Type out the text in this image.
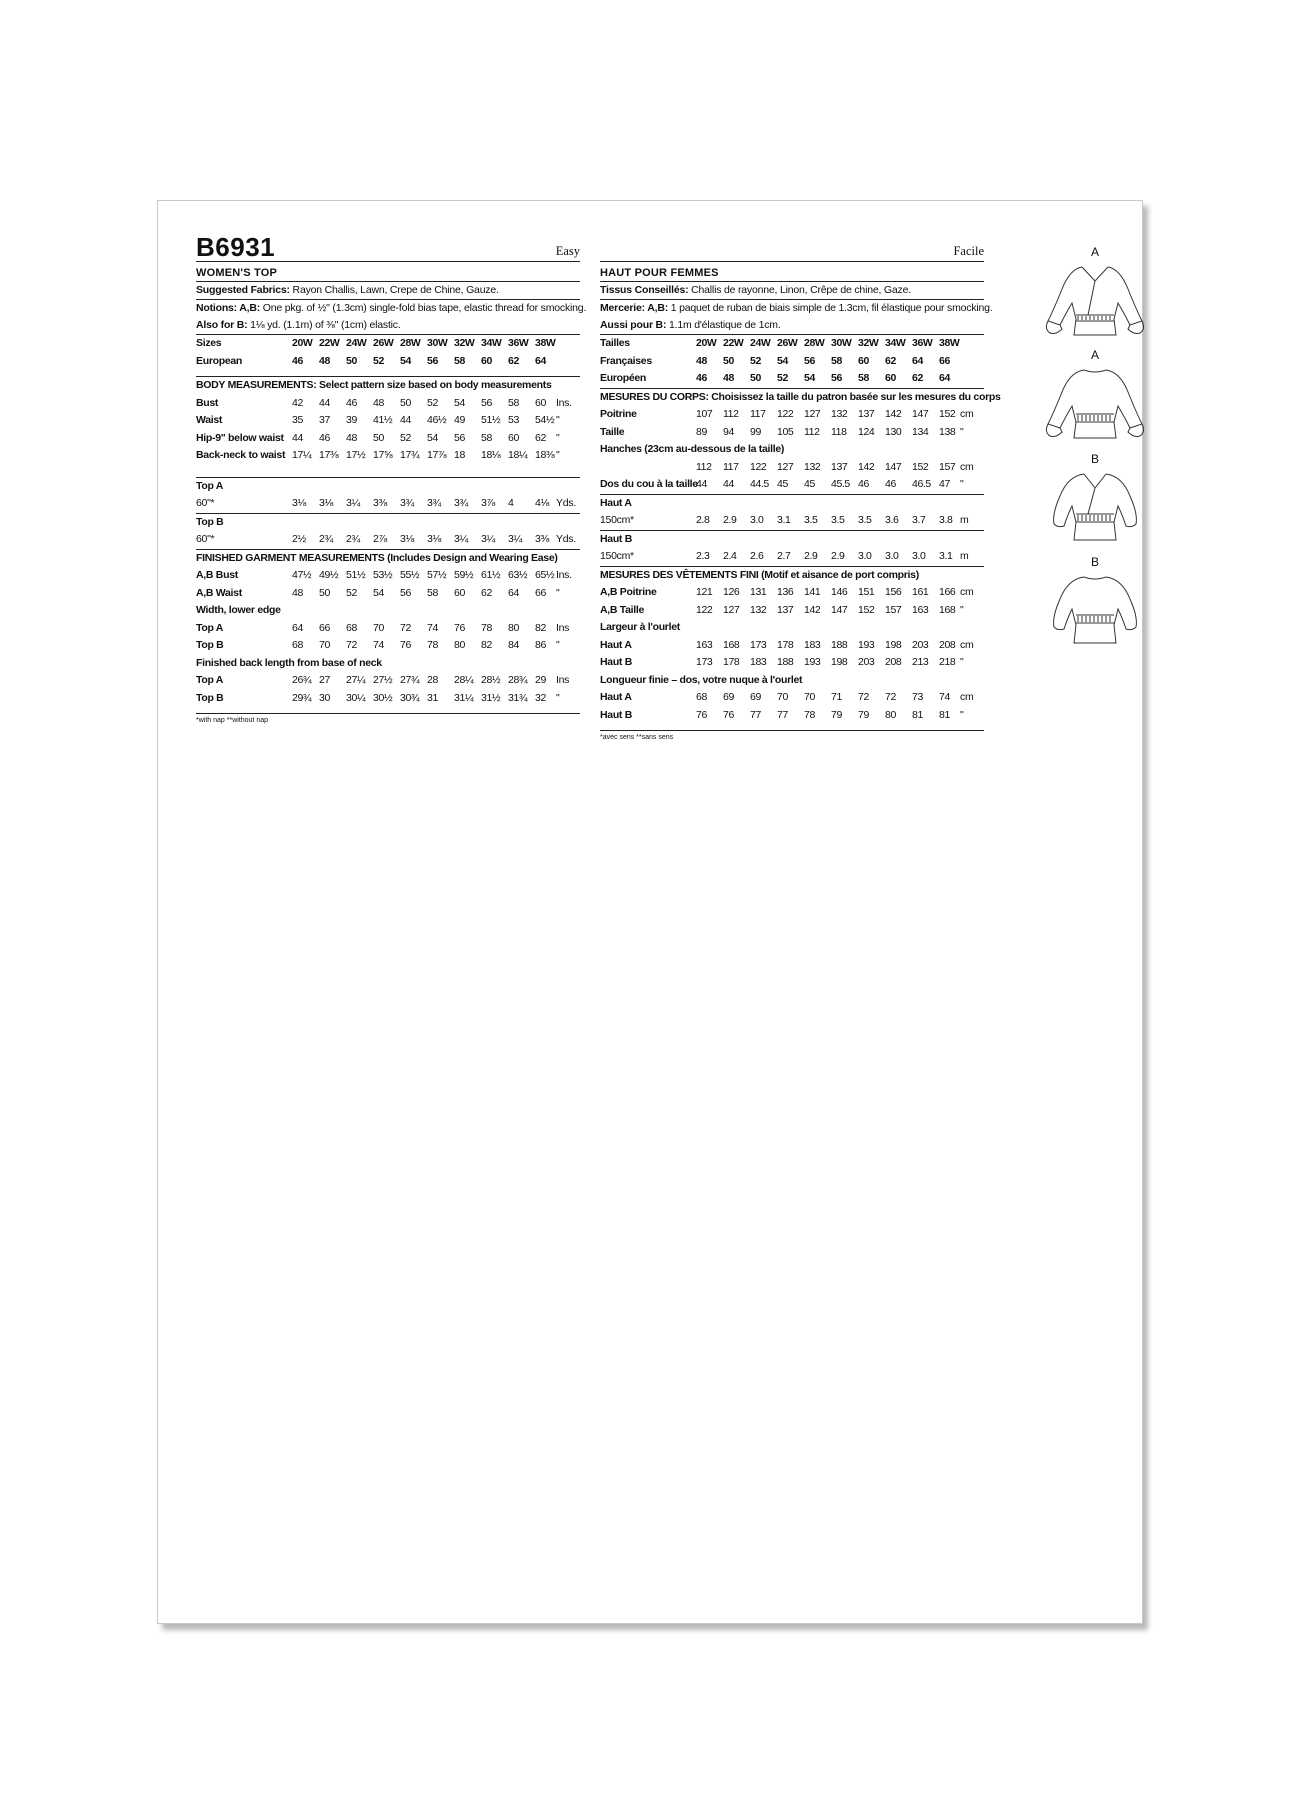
B6931	Easy
WOMEN'S TOP
Suggested Fabrics: Rayon Challis, Lawn, Crepe de Chine, Gauze.
Notions: A,B: One pkg. of ½" (1.3cm) single-fold bias tape, elastic thread for smocking.
Also for B: 1⅛ yd. (1.1m) of ⅜" (1cm) elastic.
Sizes	20W 22W 24W 26W 28W 30W 32W 34W 36W 38W
European	46	48	50	52	54	56	58	60	62	64
BODY MEASUREMENTS: Select pattern size based on body measurements
Bust	42	44	46	48	50	52	54	56	58	60 Ins.
Waist	35	37	39	41½ 44	46½ 49	51½ 53	54½ "
Hip-9" below waist 44	46	48	50	52	54	56	58	60	62 "
Back-neck to waist 17¼ 17⅜ 17½ 17⅝ 17¾ 17⅞ 18	18⅛ 18¼ 18⅜ "
Top A
60"*	3⅛	3⅛	3¼	3⅜	3¾	3¾	3¾	3⅞	4	4⅛ Yds.
Top B
60"*	2½	2¾	2¾	2⅞	3⅛	3⅛	3¼	3¼	3¼	3⅜ Yds.
FINISHED GARMENT MEASUREMENTS (Includes Design and Wearing Ease)
A,B Bust	47½ 49½ 51½ 53½ 55½ 57½ 59½ 61½ 63½ 65½ Ins.
A,B Waist	48	50	52	54	56	58	60	62	64	66 "
Width, lower edge
Top A	64	66	68	70	72	74	76	78	80	82 Ins
Top B	68	70	72	74	76	78	80	82	84	86 "
Finished back length from base of neck
Top A	26¾ 27	27¼ 27½ 27¾ 28	28¼ 28½ 28¾ 29 Ins
Top B	29¾ 30	30¼ 30½ 30¾ 31	31¼ 31½ 31¾ 32 "
*with nap **without nap
Facile
HAUT POUR FEMMES
Tissus Conseillés: Challis de rayonne, Linon, Crêpe de chine, Gaze.
Mercerie: A,B: 1 paquet de ruban de biais simple de 1.3cm, fil élastique pour smocking.
Aussi pour B: 1.1m d'élastique de 1cm.
Tailles	20W 22W 24W 26W 28W 30W 32W 34W 36W 38W
Françaises	48	50	52	54	56	58	60	62	64	66
Européen	46	48	50	52	54	56	58	60	62	64
MESURES DU CORPS: Choisissez la taille du patron basée sur les mesures du corps
Poitrine	107	112	117	122	127	132	137	142	147	152 cm
Taille	89	94	99	105	112	118	124	130	134	138 "
Hanches (23cm au-dessous de la taille)
112	117	122	127	132	137	142	147	152	157 cm
Dos du cou à la taille
44	44	44.5 45	45	45.5 46	46	46.5 47 "
Haut A
150cm*	2.8	2.9	3.0	3.1	3.5	3.5	3.5	3.6	3.7	3.8 m
Haut B
150cm*	2.3	2.4	2.6	2.7	2.9	2.9	3.0	3.0	3.0	3.1 m
MESURES DES VÊTEMENTS FINI (Motif et aisance de port compris)
A,B Poitrine	121	126	131	136	141	146	151	156	161	166 cm
A,B Taille	122	127	132	137	142	147	152	157	163	168 "
Largeur à l'ourlet
Haut A	163	168	173	178	183	188	193	198	203	208 cm
Haut B	173	178	183	188	193	198	203	208	213	218 "
Longueur finie – dos, votre nuque à l'ourlet
Haut A	68	69	69	70	70	71	72	72	73	74 cm
Haut B	76	76	77	77	78	79	79	80	81	81 "
*avec sens **sans sens
A
A
B
B
